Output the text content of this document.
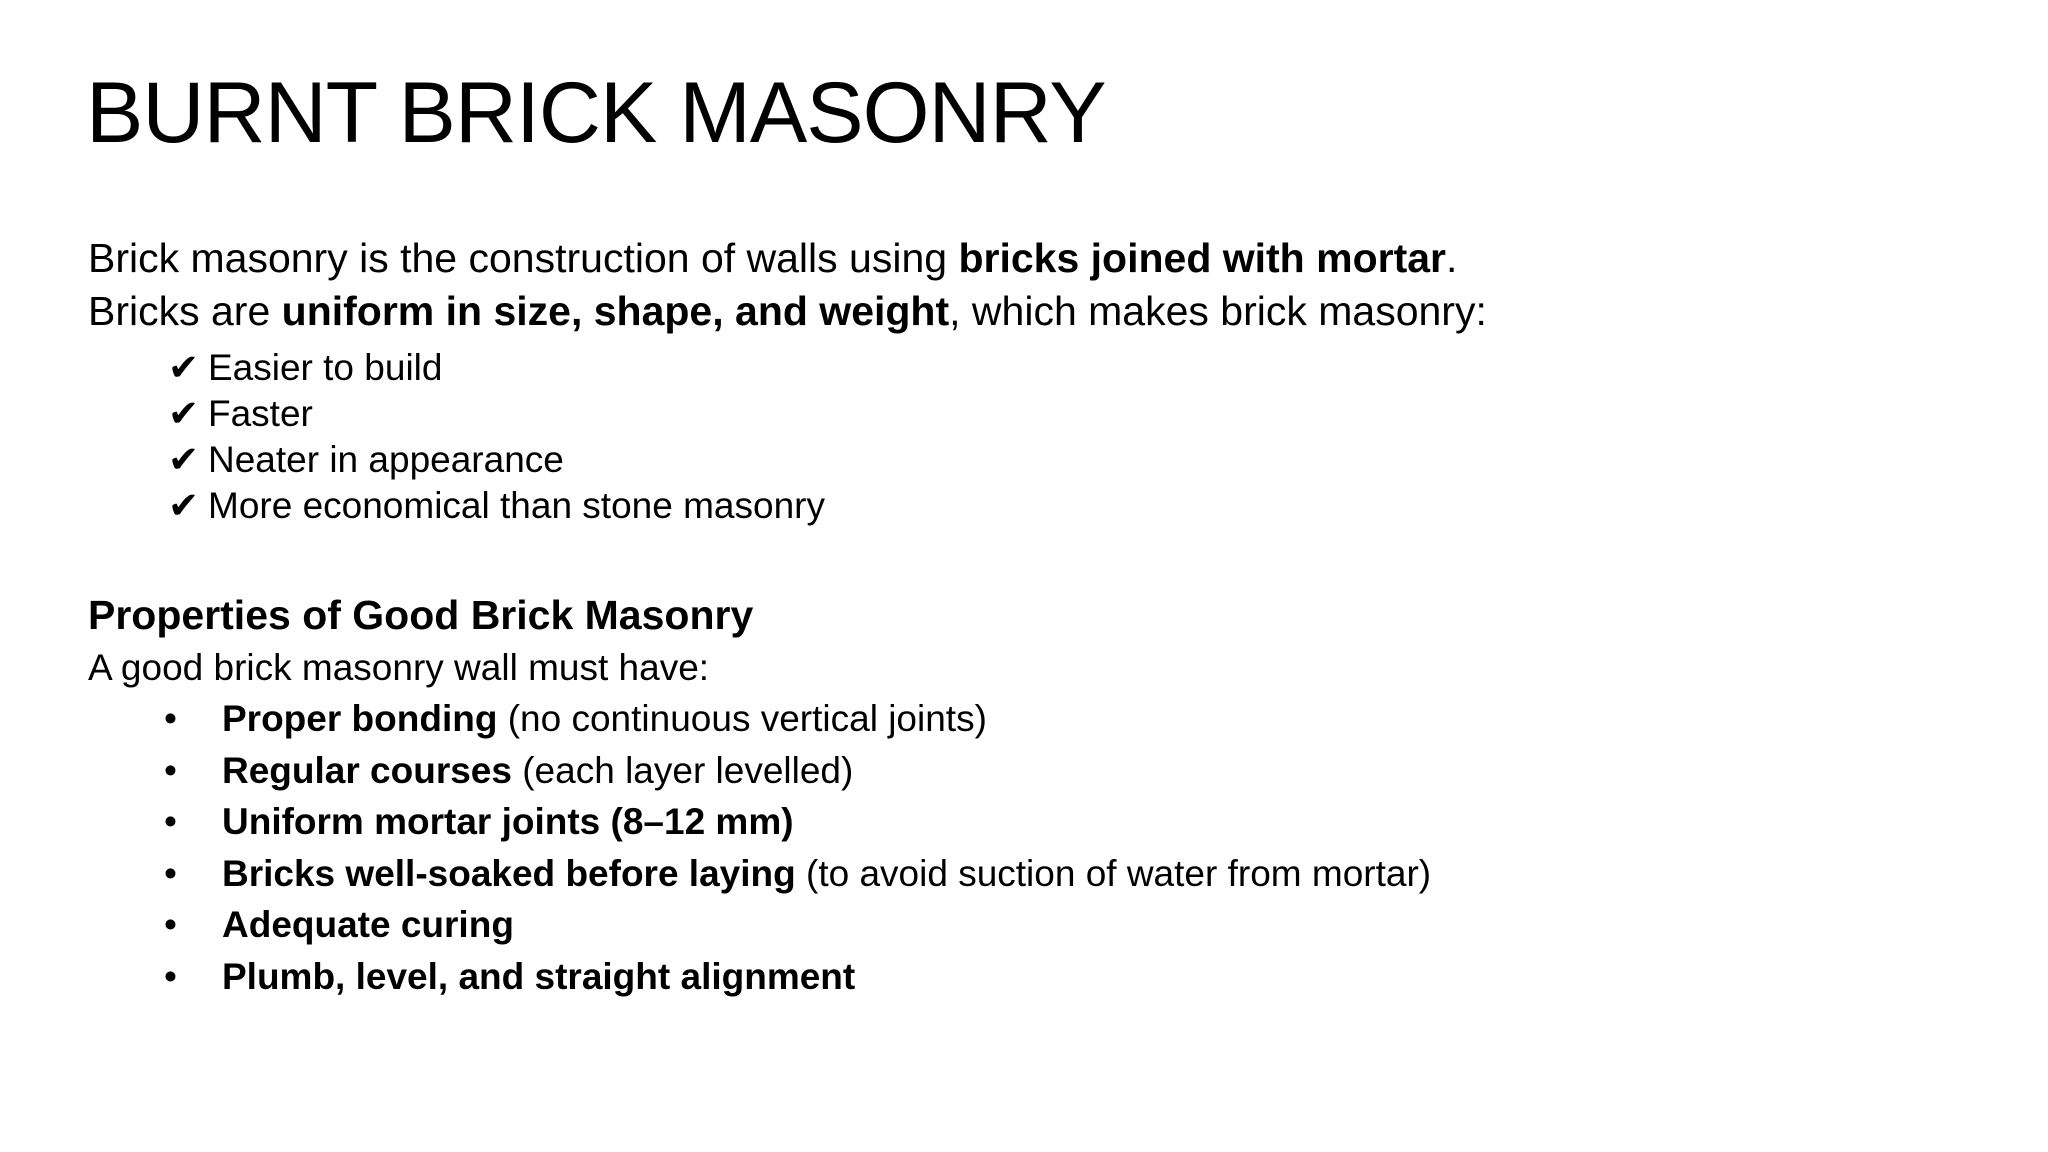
BURNT BRICK MASONRY

Brick masonry is the construction of walls using bricks joined with mortar.

Bricks are uniform in size, shape, and weight, which makes brick masonry:

✔ Easier to build
✔ Faster
✔ Neater in appearance
✔ More economical than stone masonry

Properties of Good Brick Masonry

A good brick masonry wall must have:

•	Proper bonding (no continuous vertical joints)
•	Regular courses (each layer levelled)
•	Uniform mortar joints (8–12 mm)
•	Bricks well-soaked before laying (to avoid suction of water from mortar)
•	Adequate curing
•	Plumb, level, and straight alignment
